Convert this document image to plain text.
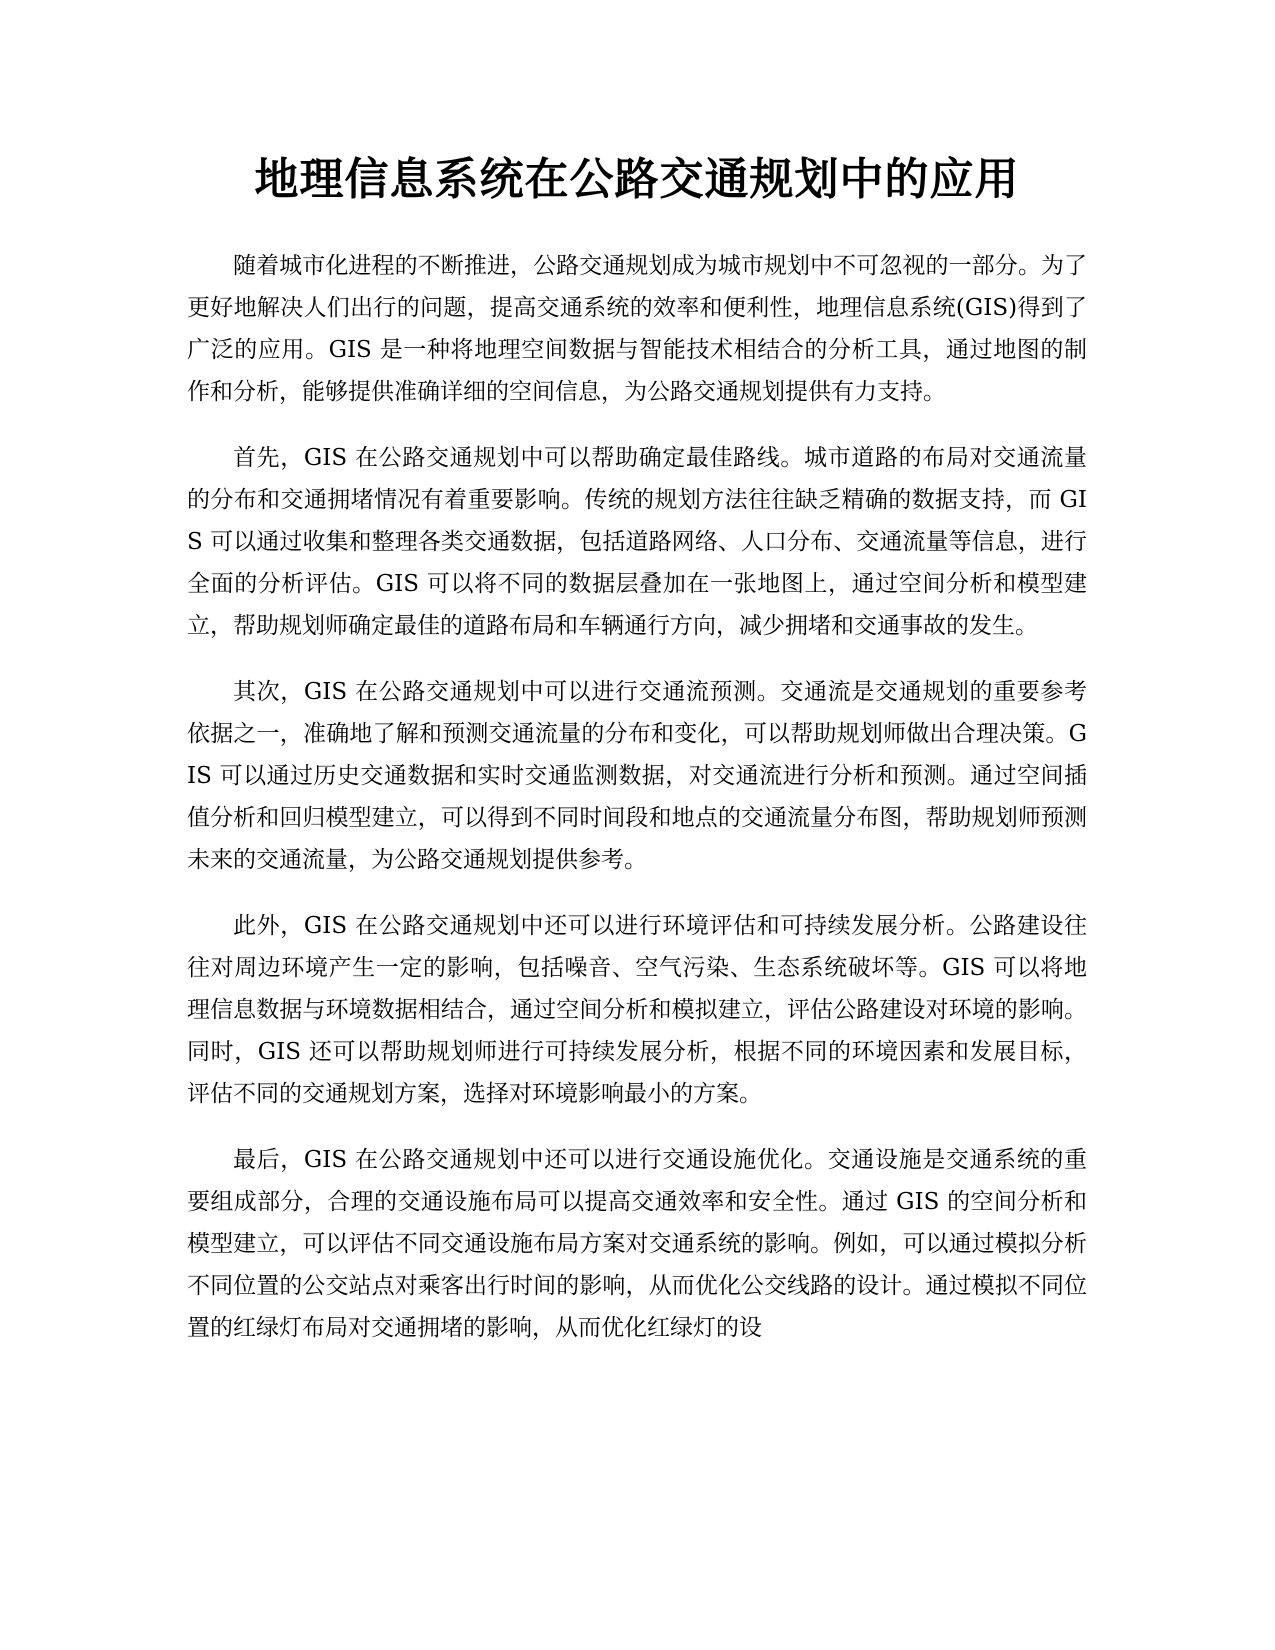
地理信息系统在公路交通规划中的应用

随着城市化进程的不断推进，公路交通规划成为城市规划中不可忽视的一部分。为了更好地解决人们出行的问题，提高交通系统的效率和便利性，地理信息系统(GIS)得到了广泛的应用。GIS 是一种将地理空间数据与智能技术相结合的分析工具，通过地图的制作和分析，能够提供准确详细的空间信息，为公路交通规划提供有力支持。

首先，GIS 在公路交通规划中可以帮助确定最佳路线。城市道路的布局对交通流量的分布和交通拥堵情况有着重要影响。传统的规划方法往往缺乏精确的数据支持，而 GIS 可以通过收集和整理各类交通数据，包括道路网络、人口分布、交通流量等信息，进行全面的分析评估。GIS 可以将不同的数据层叠加在一张地图上，通过空间分析和模型建立，帮助规划师确定最佳的道路布局和车辆通行方向，减少拥堵和交通事故的发生。

其次，GIS 在公路交通规划中可以进行交通流预测。交通流是交通规划的重要参考依据之一，准确地了解和预测交通流量的分布和变化，可以帮助规划师做出合理决策。GIS 可以通过历史交通数据和实时交通监测数据，对交通流进行分析和预测。通过空间插值分析和回归模型建立，可以得到不同时间段和地点的交通流量分布图，帮助规划师预测未来的交通流量，为公路交通规划提供参考。

此外，GIS 在公路交通规划中还可以进行环境评估和可持续发展分析。公路建设往往对周边环境产生一定的影响，包括噪音、空气污染、生态系统破坏等。GIS 可以将地理信息数据与环境数据相结合，通过空间分析和模拟建立，评估公路建设对环境的影响。同时，GIS 还可以帮助规划师进行可持续发展分析，根据不同的环境因素和发展目标，评估不同的交通规划方案，选择对环境影响最小的方案。

最后，GIS 在公路交通规划中还可以进行交通设施优化。交通设施是交通系统的重要组成部分，合理的交通设施布局可以提高交通效率和安全性。通过 GIS 的空间分析和模型建立，可以评估不同交通设施布局方案对交通系统的影响。例如，可以通过模拟分析不同位置的公交站点对乘客出行时间的影响，从而优化公交线路的设计。通过模拟不同位置的红绿灯布局对交通拥堵的影响，从而优化红绿灯的设
